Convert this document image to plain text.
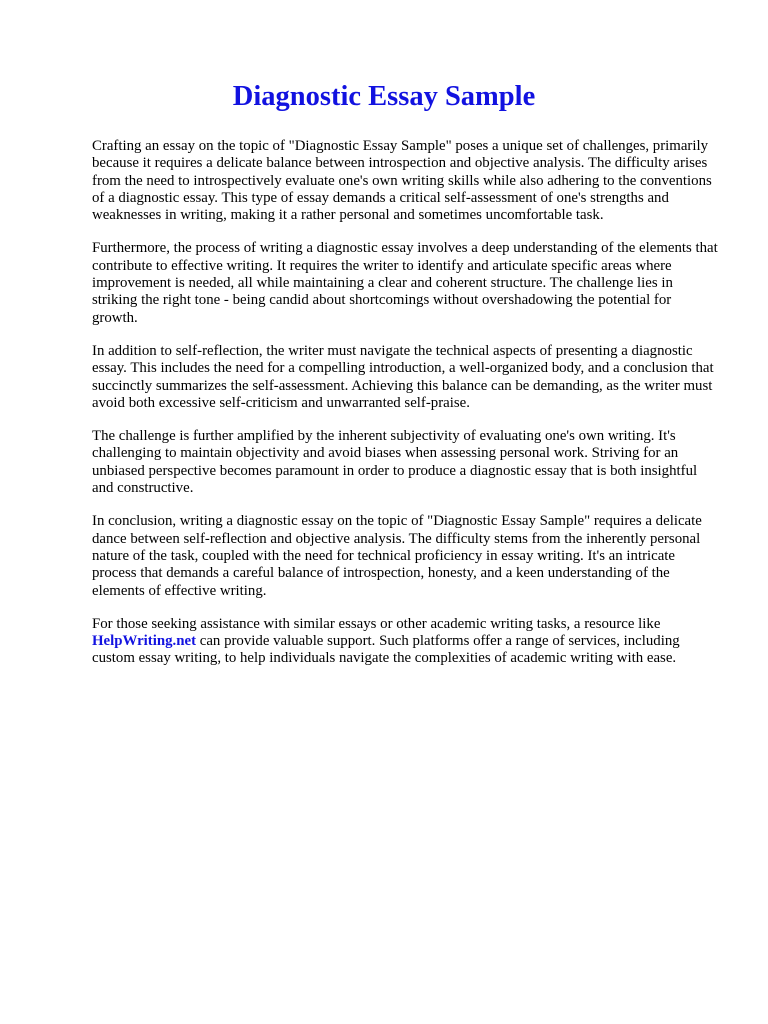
Diagnostic Essay Sample

Crafting an essay on the topic of "Diagnostic Essay Sample" poses a unique set of challenges, primarily because it requires a delicate balance between introspection and objective analysis. The difficulty arises from the need to introspectively evaluate one's own writing skills while also adhering to the conventions of a diagnostic essay. This type of essay demands a critical self-assessment of one's strengths and weaknesses in writing, making it a rather personal and sometimes uncomfortable task.

Furthermore, the process of writing a diagnostic essay involves a deep understanding of the elements that contribute to effective writing. It requires the writer to identify and articulate specific areas where improvement is needed, all while maintaining a clear and coherent structure. The challenge lies in striking the right tone - being candid about shortcomings without overshadowing the potential for growth.

In addition to self-reflection, the writer must navigate the technical aspects of presenting a diagnostic essay. This includes the need for a compelling introduction, a well-organized body, and a conclusion that succinctly summarizes the self-assessment. Achieving this balance can be demanding, as the writer must avoid both excessive self-criticism and unwarranted self-praise.

The challenge is further amplified by the inherent subjectivity of evaluating one's own writing. It's challenging to maintain objectivity and avoid biases when assessing personal work. Striving for an unbiased perspective becomes paramount in order to produce a diagnostic essay that is both insightful and constructive.

In conclusion, writing a diagnostic essay on the topic of "Diagnostic Essay Sample" requires a delicate dance between self-reflection and objective analysis. The difficulty stems from the inherently personal nature of the task, coupled with the need for technical proficiency in essay writing. It's an intricate process that demands a careful balance of introspection, honesty, and a keen understanding of the elements of effective writing.

For those seeking assistance with similar essays or other academic writing tasks, a resource like HelpWriting.net can provide valuable support. Such platforms offer a range of services, including custom essay writing, to help individuals navigate the complexities of academic writing with ease.
